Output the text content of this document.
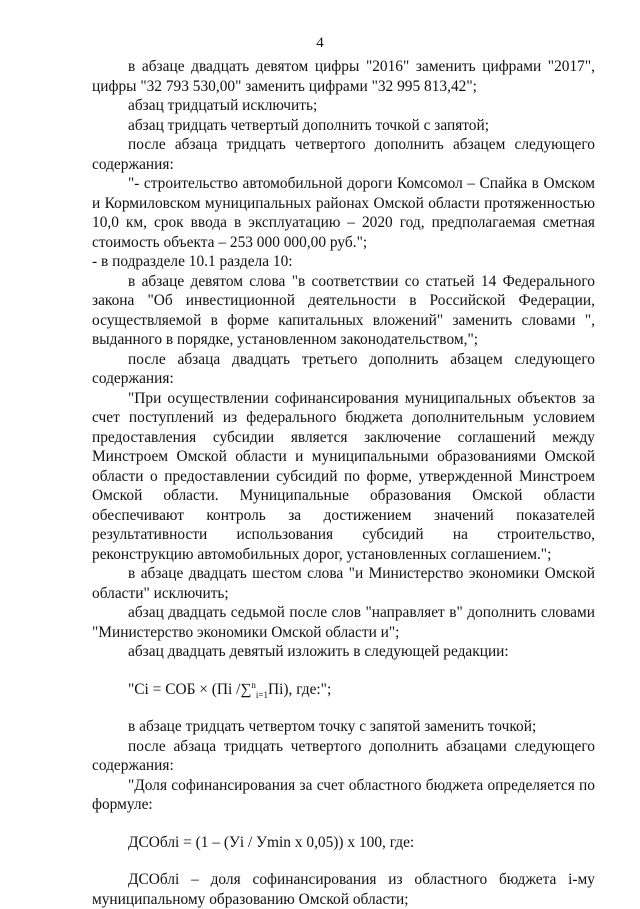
4

в абзаце двадцать девятом цифры "2016" заменить цифрами "2017", цифры "32 793 530,00" заменить цифрами "32 995 813,42";

абзац тридцатый исключить;

абзац тридцать четвертый дополнить точкой с запятой;

после абзаца тридцать четвертого дополнить абзацем следующего содержания:

"- строительство автомобильной дороги Комсомол – Спайка в Омском и Кормиловском муниципальных районах Омской области протяженностью 10,0 км, срок ввода в эксплуатацию – 2020 год, предполагаемая сметная стоимость объекта – 253 000 000,00 руб.";

- в подразделе 10.1 раздела 10:

в абзаце девятом слова "в соответствии со статьей 14 Федерального закона "Об инвестиционной деятельности в Российской Федерации, осуществляемой в форме капитальных вложений" заменить словами ", выданного в порядке, установленном законодательством,";

после абзаца двадцать третьего дополнить абзацем следующего содержания:

"При осуществлении софинансирования муниципальных объектов за счет поступлений из федерального бюджета дополнительным условием предоставления субсидии является заключение соглашений между Минстроем Омской области и муниципальными образованиями Омской области о предоставлении субсидий по форме, утвержденной Минстроем Омской области. Муниципальные образования Омской области обеспечивают контроль за достижением значений показателей результативности использования субсидий на строительство, реконструкцию автомобильных дорог, установленных соглашением.";

в абзаце двадцать шестом слова "и Министерство экономики Омской области" исключить;

абзац двадцать седьмой после слов "направляет в" дополнить словами "Министерство экономики Омской области и";

абзац двадцать девятый изложить в следующей редакции:

"Ci = СОБ × (Пi /∑$^n_{i=1}$Пi), где:";

в абзаце тридцать четвертом точку с запятой заменить точкой;

после абзаца тридцать четвертого дополнить абзацами следующего содержания:

"Доля софинансирования за счет областного бюджета определяется по формуле:

ДСОблi = (1 – (Уi / Уmin x 0,05)) x 100, где:

ДСОблi – доля софинансирования из областного бюджета i-му муниципальному образованию Омской области;
